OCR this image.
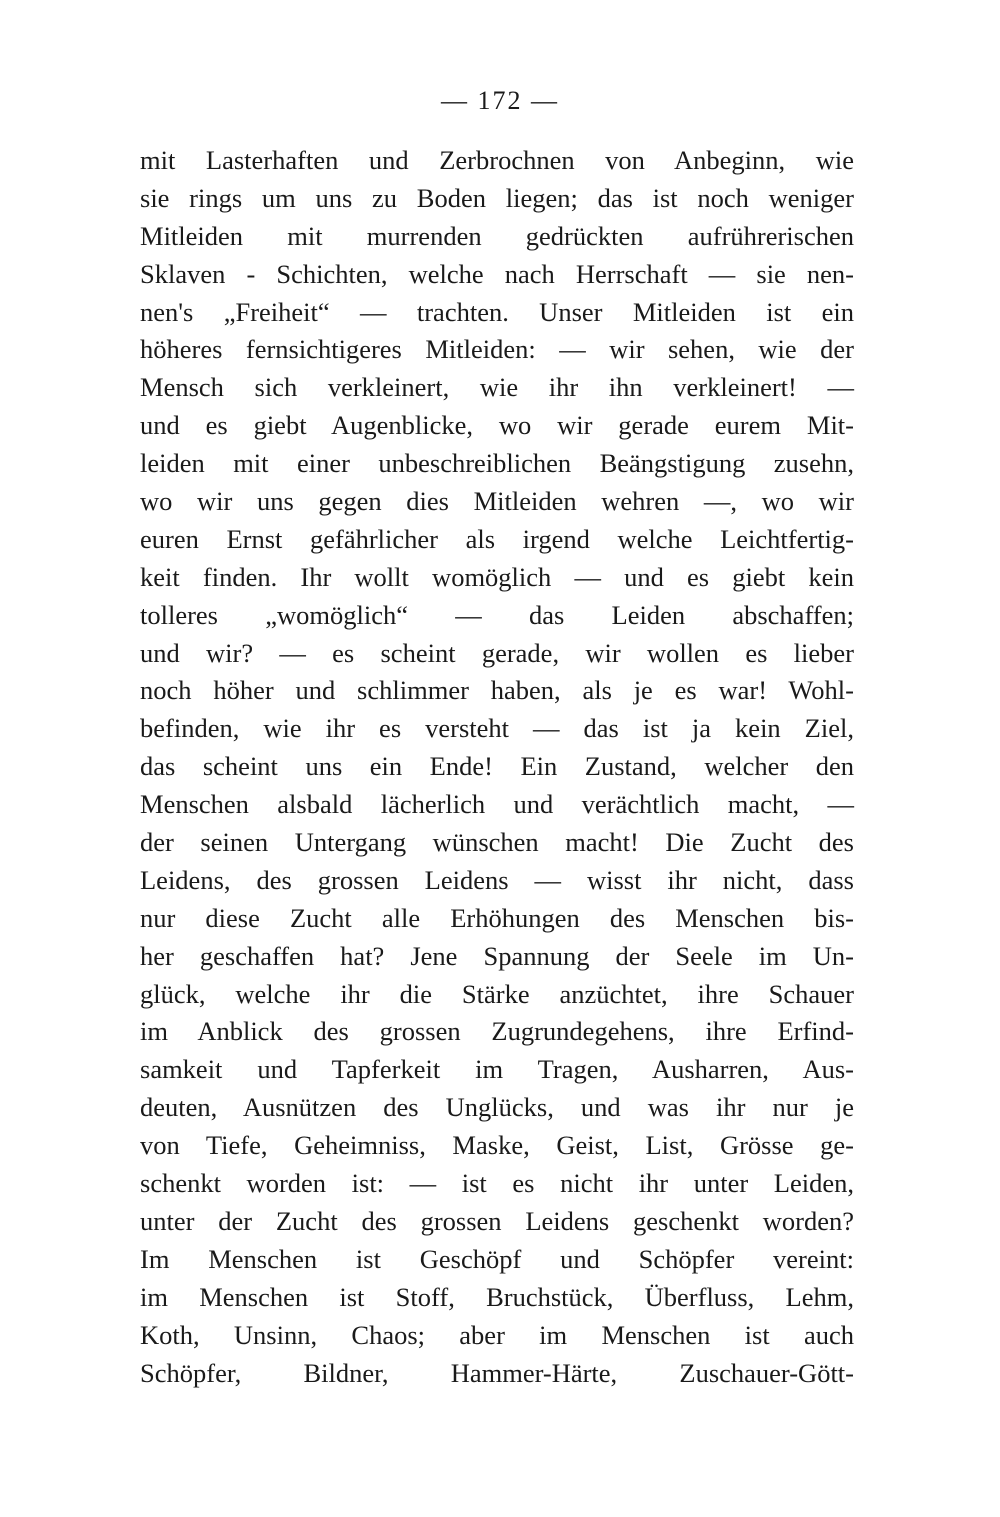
— 172 —
mit Lasterhaften und Zerbrochnen von Anbeginn, wie
sie rings um uns zu Boden liegen; das ist noch weniger
Mitleiden mit murrenden gedrückten aufrührerischen
Sklaven - Schichten, welche nach Herrschaft — sie nen-
nen's „Freiheit“ — trachten. Unser Mitleiden ist ein
höheres fernsichtigeres Mitleiden: — wir sehen, wie der
Mensch sich verkleinert, wie ihr ihn verkleinert! —
und es giebt Augenblicke, wo wir gerade eurem Mit-
leiden mit einer unbeschreiblichen Beängstigung zusehn,
wo wir uns gegen dies Mitleiden wehren —, wo wir
euren Ernst gefährlicher als irgend welche Leichtfertig-
keit finden. Ihr wollt womöglich — und es giebt kein
tolleres „womöglich“ — das Leiden abschaffen;
und wir? — es scheint gerade, wir wollen es lieber
noch höher und schlimmer haben, als je es war! Wohl-
befinden, wie ihr es versteht — das ist ja kein Ziel,
das scheint uns ein Ende! Ein Zustand, welcher den
Menschen alsbald lächerlich und verächtlich macht, —
der seinen Untergang wünschen macht! Die Zucht des
Leidens, des grossen Leidens — wisst ihr nicht, dass
nur diese Zucht alle Erhöhungen des Menschen bis-
her geschaffen hat? Jene Spannung der Seele im Un-
glück, welche ihr die Stärke anzüchtet, ihre Schauer
im Anblick des grossen Zugrundegehens, ihre Erfind-
samkeit und Tapferkeit im Tragen, Ausharren, Aus-
deuten, Ausnützen des Unglücks, und was ihr nur je
von Tiefe, Geheimniss, Maske, Geist, List, Grösse ge-
schenkt worden ist: — ist es nicht ihr unter Leiden,
unter der Zucht des grossen Leidens geschenkt worden?
Im Menschen ist Geschöpf und Schöpfer vereint:
im Menschen ist Stoff, Bruchstück, Überfluss, Lehm,
Koth, Unsinn, Chaos; aber im Menschen ist auch
Schöpfer, Bildner, Hammer-Härte, Zuschauer-Gött-
